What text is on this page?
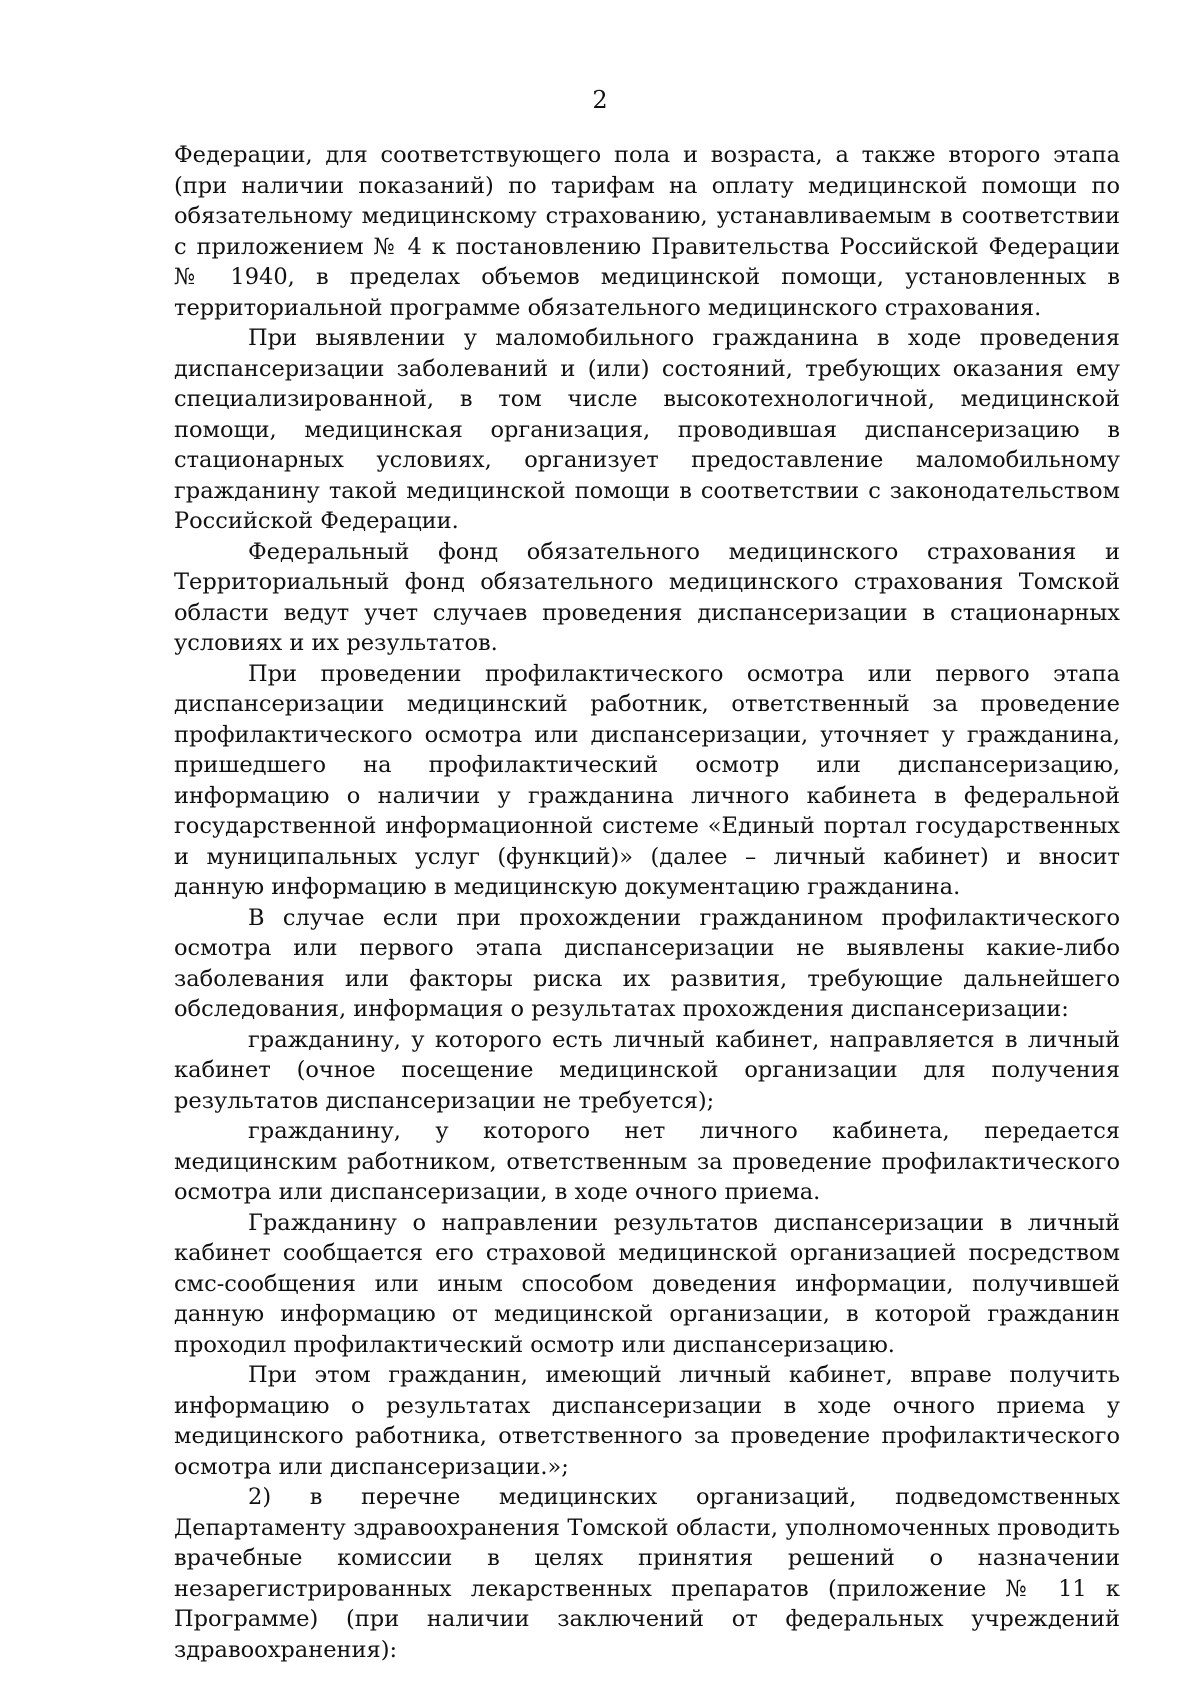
2

Федерации, для соответствующего пола и возраста, а также второго этапа (при наличии показаний) по тарифам на оплату медицинской помощи по обязательному медицинскому страхованию, устанавливаемым в соответствии с приложением № 4 к постановлению Правительства Российской Федерации № 1940, в пределах объемов медицинской помощи, установленных в территориальной программе обязательного медицинского страхования.

При выявлении у маломобильного гражданина в ходе проведения диспансеризации заболеваний и (или) состояний, требующих оказания ему специализированной, в том числе высокотехнологичной, медицинской помощи, медицинская организация, проводившая диспансеризацию в стационарных условиях, организует предоставление маломобильному гражданину такой медицинской помощи в соответствии с законодательством Российской Федерации.

Федеральный фонд обязательного медицинского страхования и Территориальный фонд обязательного медицинского страхования Томской области ведут учет случаев проведения диспансеризации в стационарных условиях и их результатов.

При проведении профилактического осмотра или первого этапа диспансеризации медицинский работник, ответственный за проведение профилактического осмотра или диспансеризации, уточняет у гражданина, пришедшего на профилактический осмотр или диспансеризацию, информацию о наличии у гражданина личного кабинета в федеральной государственной информационной системе «Единый портал государственных и муниципальных услуг (функций)» (далее – личный кабинет) и вносит данную информацию в медицинскую документацию гражданина.

В случае если при прохождении гражданином профилактического осмотра или первого этапа диспансеризации не выявлены какие-либо заболевания или факторы риска их развития, требующие дальнейшего обследования, информация о результатах прохождения диспансеризации:

гражданину, у которого есть личный кабинет, направляется в личный кабинет (очное посещение медицинской организации для получения результатов диспансеризации не требуется);

гражданину, у которого нет личного кабинета, передается медицинским работником, ответственным за проведение профилактического осмотра или диспансеризации, в ходе очного приема.

Гражданину о направлении результатов диспансеризации в личный кабинет сообщается его страховой медицинской организацией посредством смс-сообщения или иным способом доведения информации, получившей данную информацию от медицинской организации, в которой гражданин проходил профилактический осмотр или диспансеризацию.

При этом гражданин, имеющий личный кабинет, вправе получить информацию о результатах диспансеризации в ходе очного приема у медицинского работника, ответственного за проведение профилактического осмотра или диспансеризации.»;

2) в перечне медицинских организаций, подведомственных Департаменту здравоохранения Томской области, уполномоченных проводить врачебные комиссии в целях принятия решений о назначении незарегистрированных лекарственных препаратов (приложение № 11 к Программе) (при наличии заключений от федеральных учреждений здравоохранения):
